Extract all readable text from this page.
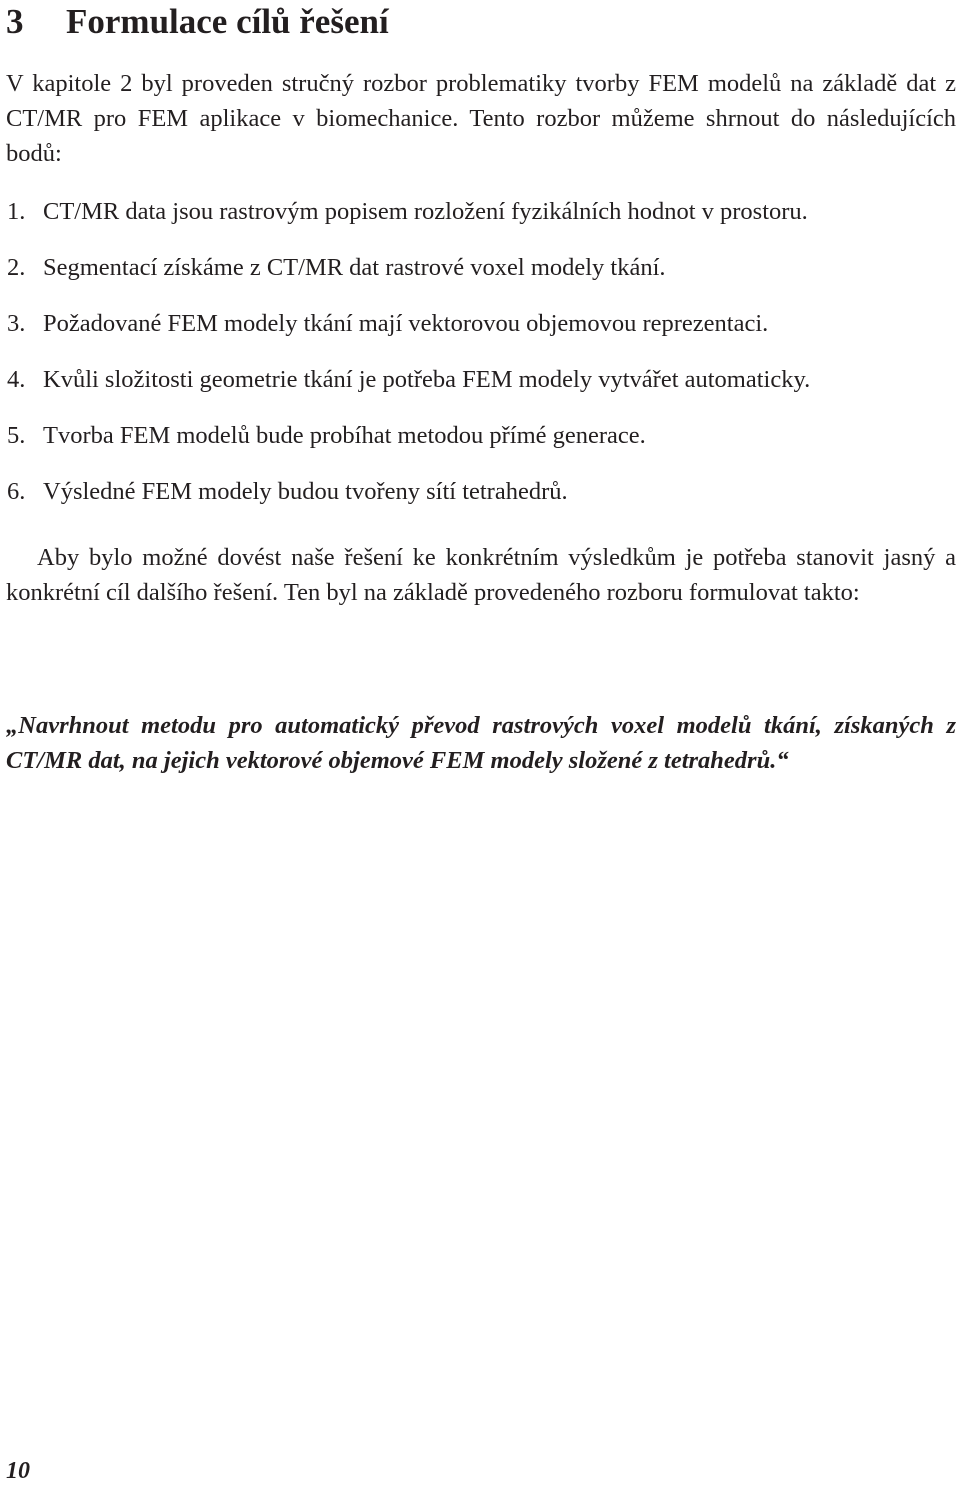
3 Formulace cílů řešení

V kapitole 2 byl proveden stručný rozbor problematiky tvorby FEM modelů na základě dat z CT/MR pro FEM aplikace v biomechanice. Tento rozbor můžeme shrnout do následujících bodů:

1. CT/MR data jsou rastrovým popisem rozložení fyzikálních hodnot v prostoru.
2. Segmentací získáme z CT/MR dat rastrové voxel modely tkání.
3. Požadované FEM modely tkání mají vektorovou objemovou reprezentaci.
4. Kvůli složitosti geometrie tkání je potřeba FEM modely vytvářet automaticky.
5. Tvorba FEM modelů bude probíhat metodou přímé generace.
6. Výsledné FEM modely budou tvořeny sítí tetrahedrů.

Aby bylo možné dovést naše řešení ke konkrétním výsledkům je potřeba stanovit jasný a konkrétní cíl dalšího řešení. Ten byl na základě provedeného rozboru formulovat takto:

„Navrhnout metodu pro automatický převod rastrových voxel modelů tkání, získaných z CT/MR dat, na jejich vektorové objemové FEM modely složené z tetrahedrů.“

10
